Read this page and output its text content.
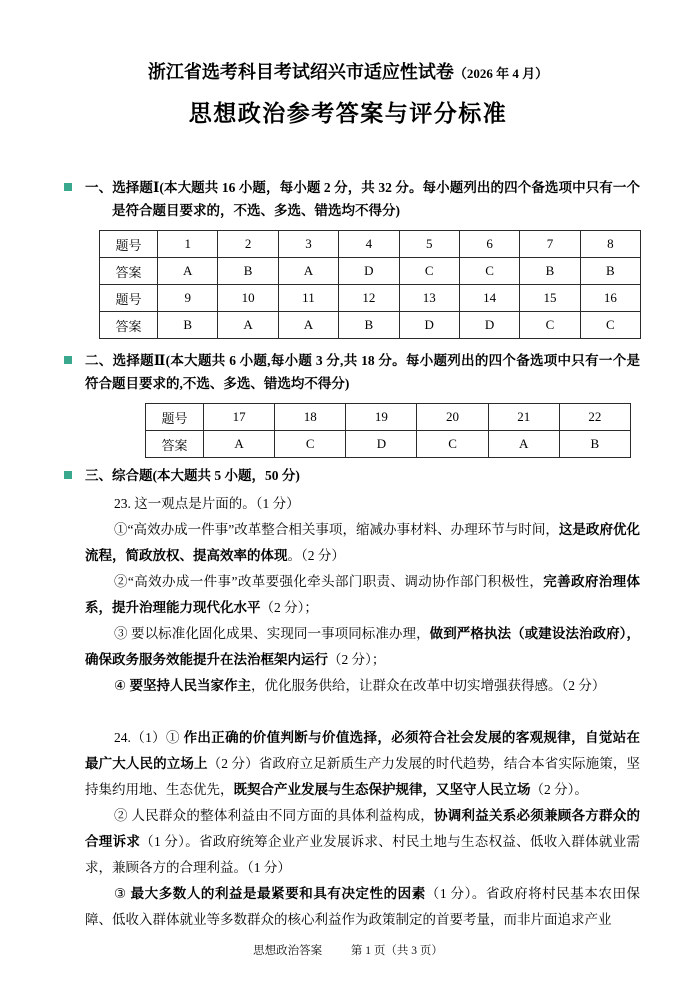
浙江省选考科目考试绍兴市适应性试卷（2026 年 4 月）
思想政治参考答案与评分标准
一、选择题Ⅰ(本大题共 16 小题，每小题 2 分，共 32 分。每小题列出的四个备选项中只有一个是符合题目要求的，不选、多选、错选均不得分)
题号	1	2	3	4	5	6	7	8
答案	A	B	A	D	C	C	B	B
题号	9	10	11	12	13	14	15	16
答案	B	A	A	B	D	D	C	C
二、选择题Ⅱ(本大题共 6 小题,每小题 3 分,共 18 分。每小题列出的四个备选项中只有一个是符合题目要求的,不选、多选、错选均不得分)
题号	17	18	19	20	21	22
答案	A	C	D	C	A	B
三、综合题(本大题共 5 小题，50 分)

23. 这一观点是片面的。（1 分）

①“高效办成一件事”改革整合相关事项，缩减办事材料、办理环节与时间，这是政府优化流程，简政放权、提高效率的体现。（2 分）

②“高效办成一件事”改革要强化牵头部门职责、调动协作部门积极性，完善政府治理体系，提升治理能力现代化水平（2 分）；

③ 要以标准化固化成果、实现同一事项同标准办理，做到严格执法（或建设法治政府），确保政务服务效能提升在法治框架内运行（2 分）；

④ 要坚持人民当家作主，优化服务供给，让群众在改革中切实增强获得感。（2 分）

24.（1）① 作出正确的价值判断与价值选择，必须符合社会发展的客观规律，自觉站在最广大人民的立场上（2 分）省政府立足新质生产力发展的时代趋势，结合本省实际施策，坚持集约用地、生态优先，既契合产业发展与生态保护规律，又坚守人民立场（2 分）。

② 人民群众的整体利益由不同方面的具体利益构成，协调利益关系必须兼顾各方群众的合理诉求（1 分）。省政府统筹企业产业发展诉求、村民土地与生态权益、低收入群体就业需求，兼顾各方的合理利益。（1 分）

③ 最大多数人的利益是最紧要和具有决定性的因素（1 分）。省政府将村民基本农田保障、低收入群体就业等多数群众的核心利益作为政策制定的首要考量，而非片面追求产业

思想政治答案	第 1 页（共 3 页）
